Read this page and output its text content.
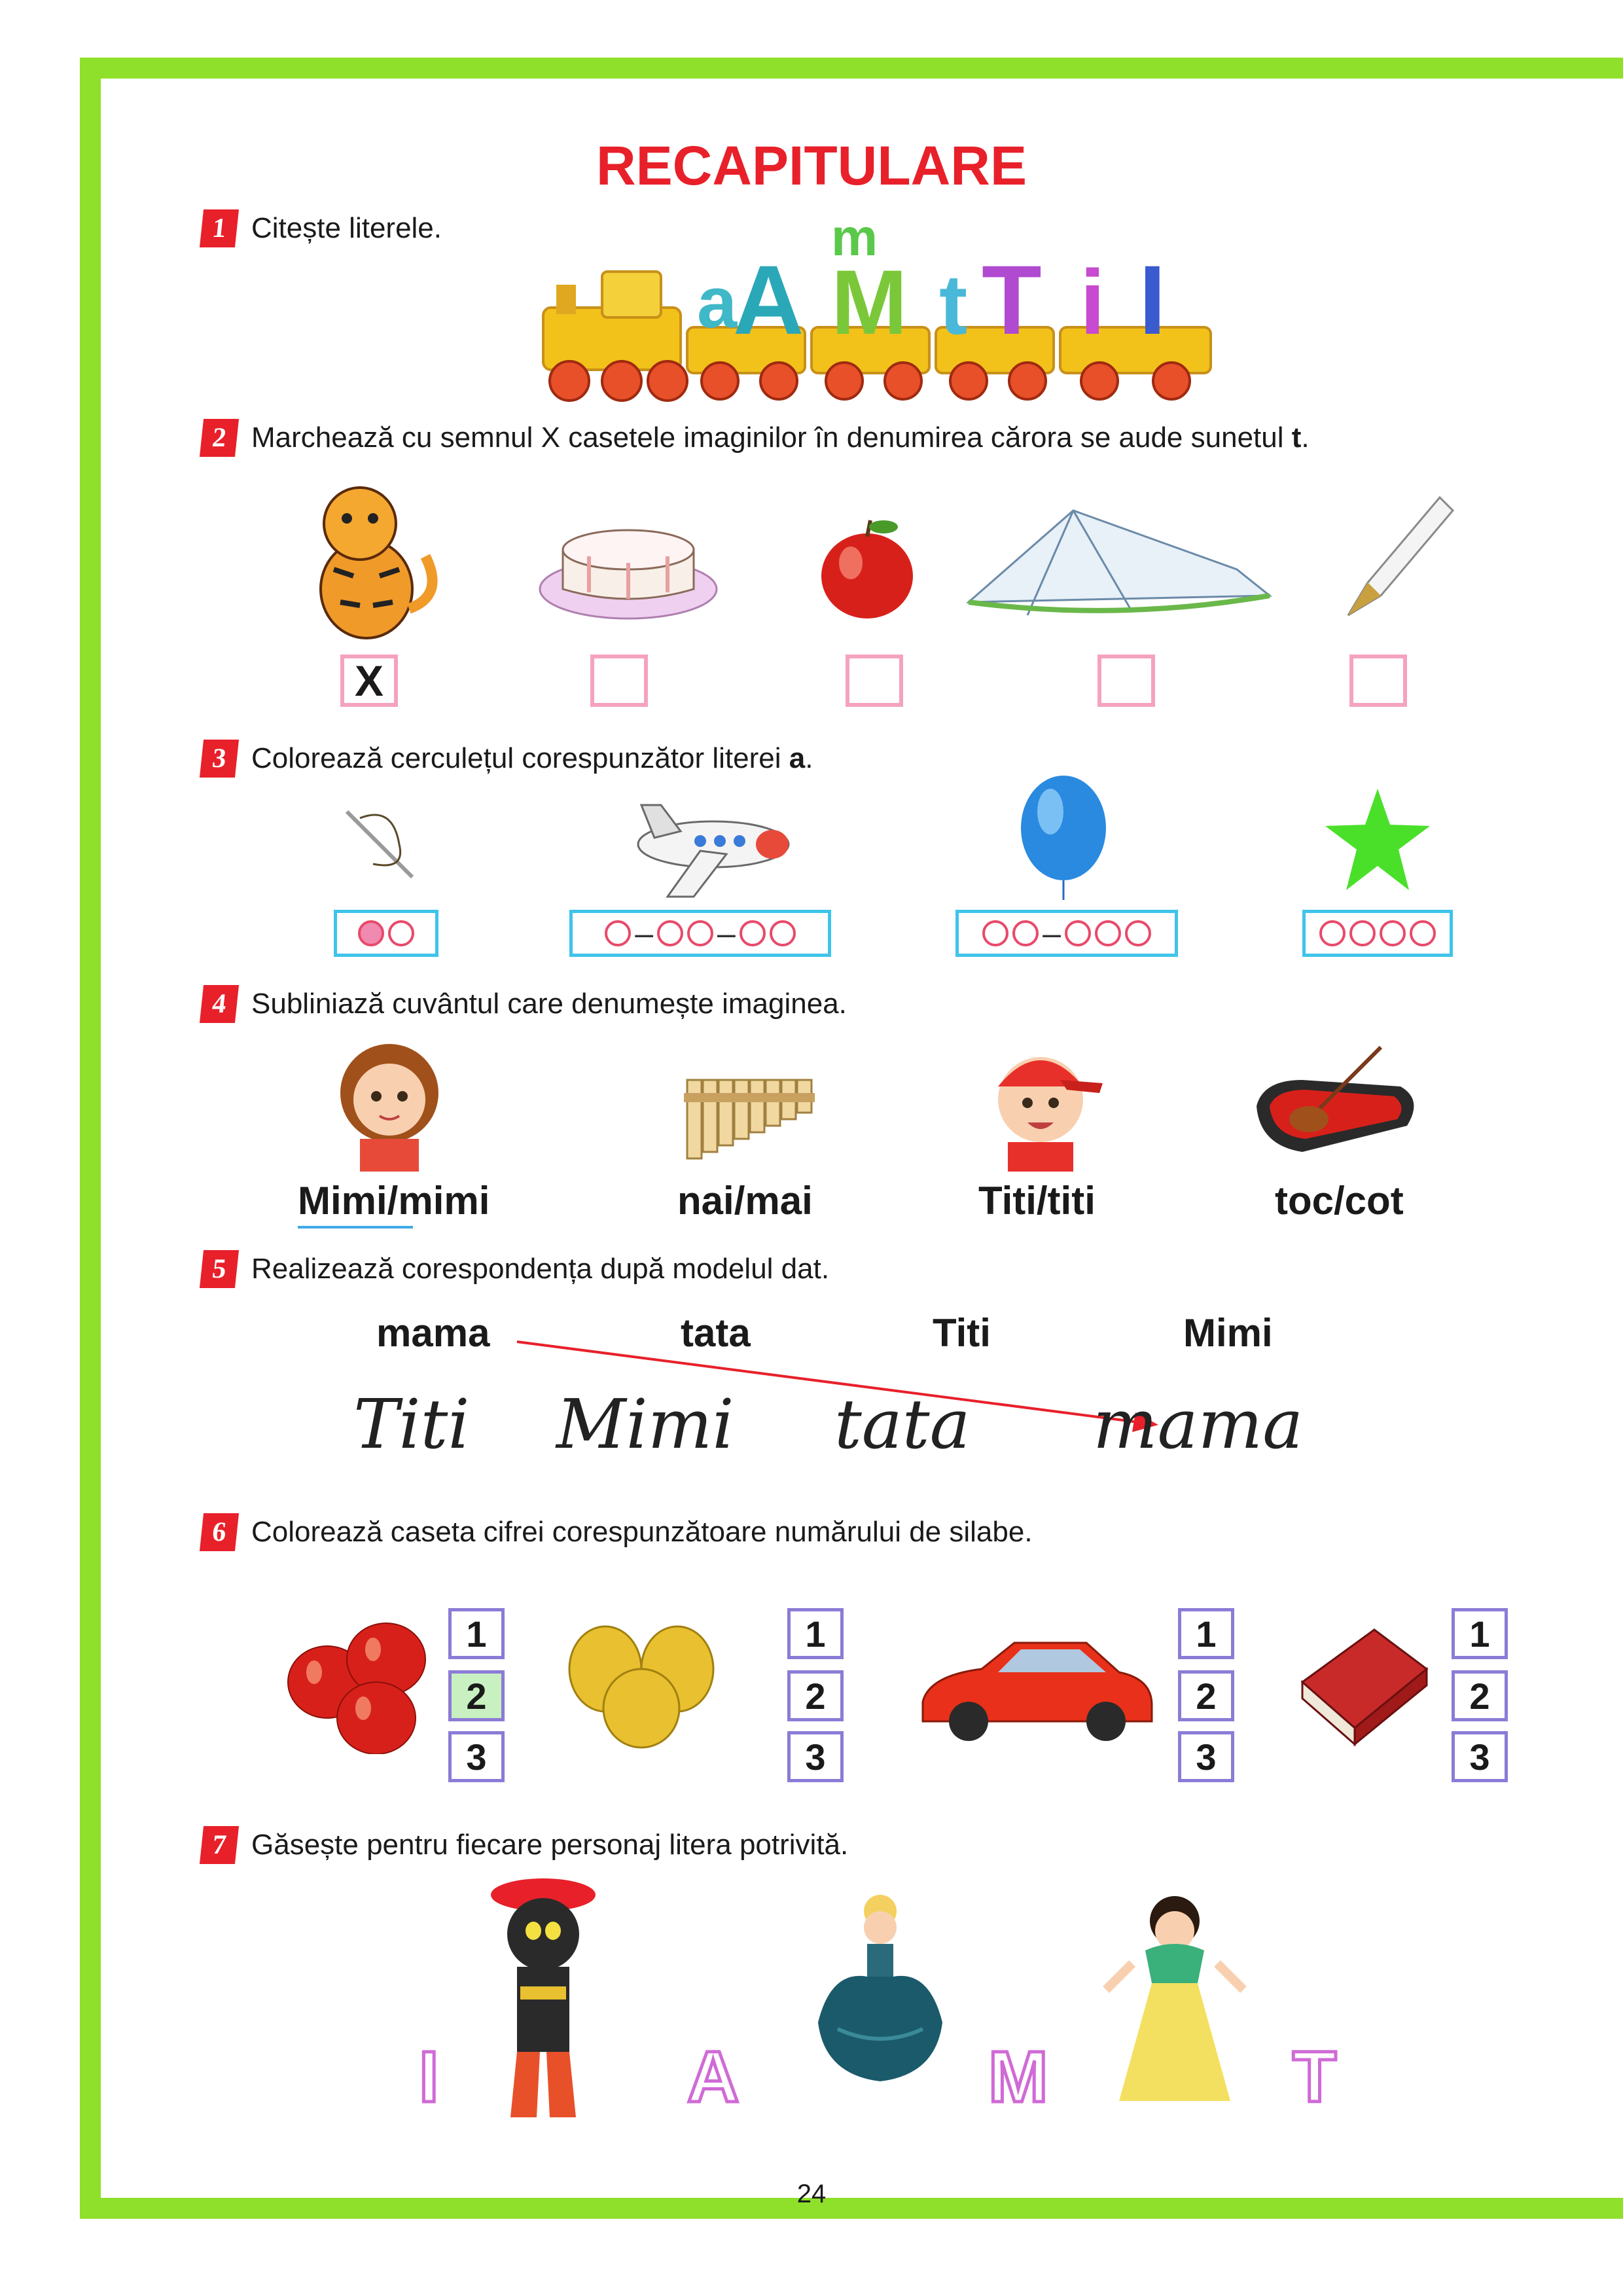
RECAPITULARE
1 Citește literele.
a
A
m
M t T i I
2 Marchează cu semnul X casetele imaginilor în denumirea cărora se aude sunetul t.
X
3 Colorează cerculețul corespunzător literei a.
– –	–
4 Subliniază cuvântul care denumește imaginea.
Mimi/mimi	nai/mai	Titi/titi	toc/cot
5 Realizează corespondența după modelul dat.
mama	tata	Titi	Mimi
Titi Mimi tata mama
6 Colorează caseta cifrei corespunzătoare numărului de silabe.
1
2
3
1
2
3
1
2
3
1
2
3
7 Găsește pentru fiecare personaj litera potrivită.
I	A	M	T
24
